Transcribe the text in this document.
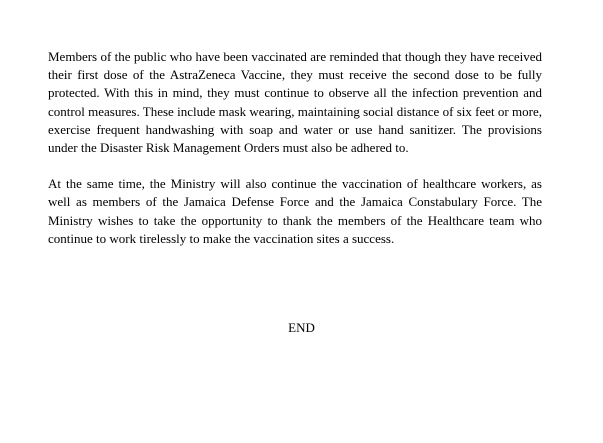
Members of the public who have been vaccinated are reminded that though they have received their first dose of the AstraZeneca Vaccine, they must receive the second dose to be fully protected. With this in mind, they must continue to observe all the infection prevention and control measures. These include mask wearing, maintaining social distance of six feet or more, exercise frequent handwashing with soap and water or use hand sanitizer. The provisions under the Disaster Risk Management Orders must also be adhered to.

At the same time, the Ministry will also continue the vaccination of healthcare workers, as well as members of the Jamaica Defense Force and the Jamaica Constabulary Force. The Ministry wishes to take the opportunity to thank the members of the Healthcare team who continue to work tirelessly to make the vaccination sites a success.

END
